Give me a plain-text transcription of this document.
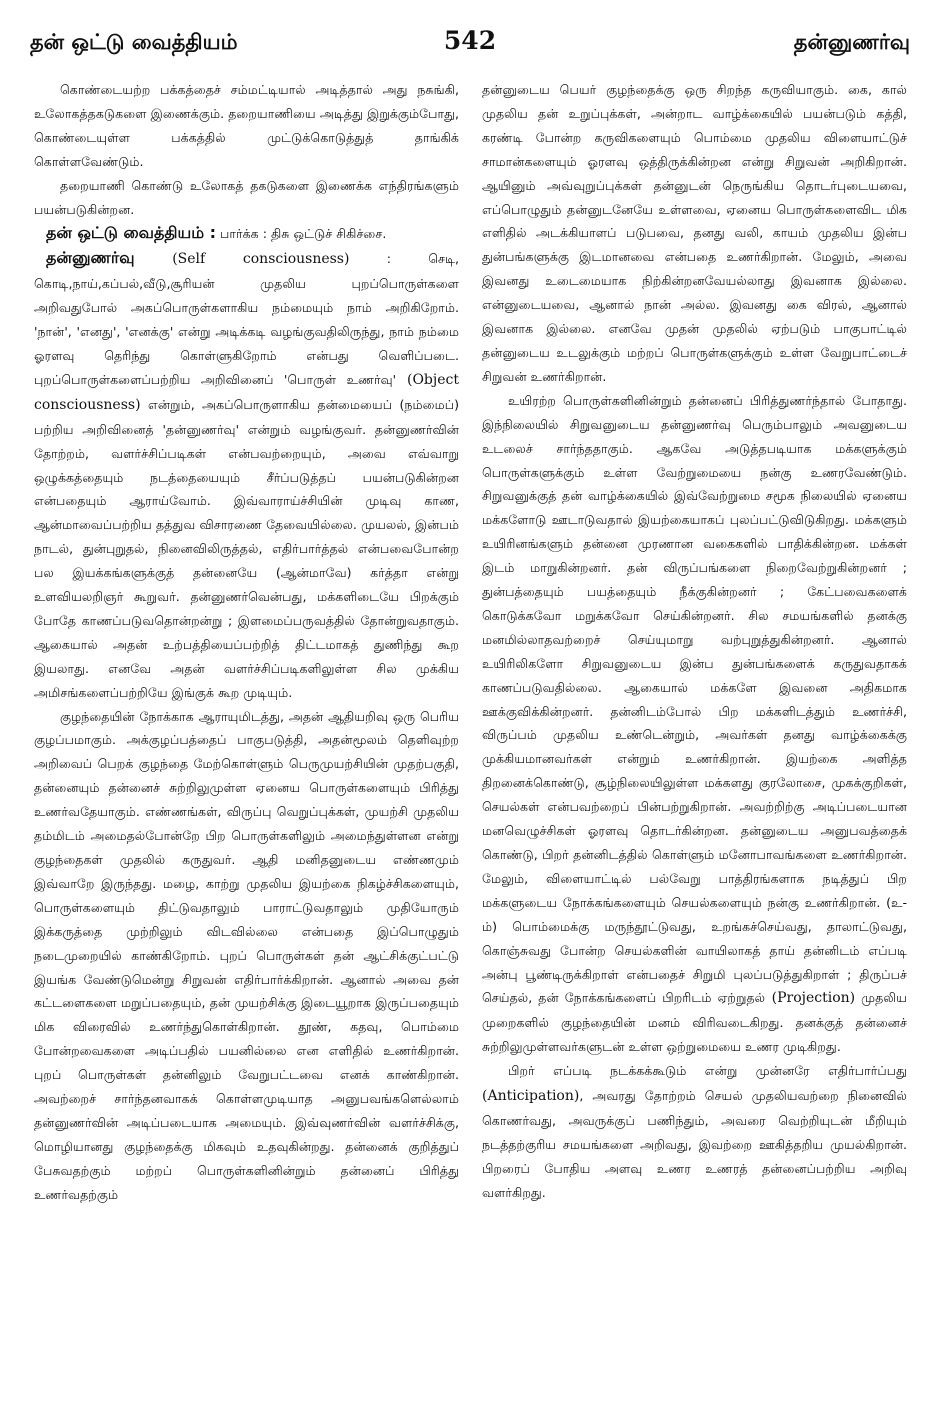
தன் ஒட்டு வைத்தியம்	542	தன்னுணர்வு

கொண்டையற்ற பக்கத்தைச் சம்மட்டியால் அடித்தால் அது நசுங்கி, உலோகத்தகடுகளை இணைக்கும். தறையாணியை அடித்து இறுக்கும்போது, கொண்டையுள்ள பக்கத்தில் முட்டுக்கொடுத்துத் தாங்கிக் கொள்ளவேண்டும்.

தறையாணி கொண்டு உலோகத் தகடுகளை இணைக்க எந்திரங்களும் பயன்படுகின்றன.

தன் ஒட்டு வைத்தியம் : பார்க்க : திசு ஒட்டுச் சிகிச்சை.

தன்னுணர்வு (Self consciousness) : செடி, கொடி,நாய்,கப்பல்,வீடு,சூரியன் முதலிய புறப்பொருள்களை அறிவதுபோல் அகப்பொருள்களாகிய நம்மையும் நாம் அறிகிறோம். 'நான்', 'எனது', 'எனக்கு' என்று அடிக்கடி வழங்குவதிலிருந்து, நாம் நம்மை ஓரளவு தெரிந்து கொள்ளுகிறோம் என்பது வெளிப்படை. புறப்பொருள்களைப்பற்றிய அறிவினைப் 'பொருள் உணர்வு' (Object consciousness) என்றும், அகப்பொருளாகிய தன்மையைப் (நம்மைப்) பற்றிய அறிவினைத் 'தன்னுணர்வு' என்றும் வழங்குவர். தன்னுணர்வின் தோற்றம், வளர்ச்சிப்படிகள் என்பவற்றையும், அவை எவ்வாறு ஒழுக்கத்தையும் நடத்தையையும் சீர்ப்படுத்தப் பயன்படுகின்றன என்பதையும் ஆராய்வோம். இவ்வாராய்ச்சியின் முடிவு காண, ஆன்மாவைப்பற்றிய தத்துவ விசாரணை தேவையில்லை. முயலல், இன்பம் நாடல், துன்புறுதல், நினைவிலிருத்தல், எதிர்பார்த்தல் என்பவைபோன்ற பல இயக்கங்களுக்குத் தன்னையே (ஆன்மாவே) கர்த்தா என்று உளவியலறிஞர் கூறுவர். தன்னுணர்வென்பது, மக்களிடையே பிறக்கும் போதே காணப்படுவதொன்றன்று ; இளமைப்பருவத்தில் தோன்றுவதாகும். ஆகையால் அதன் உற்பத்தியைப்பற்றித் திட்டமாகத் துணிந்து கூற இயலாது. எனவே அதன் வளர்ச்சிப்படிகளிலுள்ள சில முக்கிய அமிசங்களைப்பற்றியே இங்குக் கூற முடியும்.

குழந்தையின் நோக்காக ஆராயுமிடத்து, அதன் ஆதியறிவு ஒரு பெரிய குழப்பமாகும். அக்குழப்பத்தைப் பாகுபடுத்தி, அதன்மூலம் தெளிவுற்ற அறிவைப் பெறக் குழந்தை மேற்கொள்ளும் பெருமுயற்சியின் முதற்பகுதி, தன்னையும் தன்னைச் சுற்றிலுமுள்ள ஏனைய பொருள்களையும் பிரித்து உணர்வதேயாகும். எண்ணங்கள், விருப்பு வெறுப்புக்கள், முயற்சி முதலிய தம்மிடம் அமைதல்போன்றே பிற பொருள்களிலும் அமைந்துள்ளன என்று குழந்தைகள் முதலில் கருதுவர். ஆதி மனிதனுடைய எண்ணமும் இவ்வாறே இருந்தது. மழை, காற்று முதலிய இயற்கை நிகழ்ச்சிகளையும், பொருள்களையும் திட்டுவதாலும் பாராட்டுவதாலும் முதியோரும் இக்கருத்தை முற்றிலும் விடவில்லை என்பதை இப்பொழுதும் நடைமுறையில் காண்கிறோம். புறப் பொருள்கள் தன் ஆட்சிக்குட்பட்டு இயங்க வேண்டுமென்று சிறுவன் எதிர்பார்க்கிறான். ஆனால் அவை தன் கட்டளைகளை மறுப்பதையும், தன் முயற்சிக்கு இடையூறாக இருப்பதையும் மிக விரைவில் உணர்ந்துகொள்கிறான். தூண், கதவு, பொம்மை போன்றவைகளை அடிப்பதில் பயனில்லை என எளிதில் உணர்கிறான். புறப் பொருள்கள் தன்னிலும் வேறுபட்டவை எனக் காண்கிறான். அவற்றைச் சார்ந்தனவாகக் கொள்ளமுடியாத அனுபவங்களெல்லாம் தன்னுணர்வின் அடிப்படையாக அமையும். இவ்வுணர்வின் வளர்ச்சிக்கு, மொழியானது குழந்தைக்கு மிகவும் உதவுகின்றது. தன்னைக் குறித்துப் பேசுவதற்கும் மற்றப் பொருள்களினின்றும் தன்னைப் பிரித்து உணர்வதற்கும்

தன்னுடைய பெயர் குழந்தைக்கு ஒரு சிறந்த கருவியாகும். கை, கால் முதலிய தன் உறுப்புக்கள், அன்றாட வாழ்க்கையில் பயன்படும் கத்தி, கரண்டி போன்ற கருவிகளையும் பொம்மை முதலிய விளையாட்டுச் சாமான்களையும் ஓரளவு ஒத்திருக்கின்றன என்று சிறுவன் அறிகிறான். ஆயினும் அவ்வுறுப்புக்கள் தன்னுடன் நெருங்கிய தொடர்புடையவை, எப்பொழுதும் தன்னுடனேயே உள்ளவை, ஏனைய பொருள்களைவிட மிக எளிதில் அடக்கியாளப் படுபவை, தனது வலி, காயம் முதலிய இன்ப துன்பங்களுக்கு இடமானவை என்பதை உணர்கிறான். மேலும், அவை இவனது உடைமையாக நிற்கின்றனவேயல்லாது இவனாக இல்லை. என்னுடையவை, ஆனால் நான் அல்ல. இவனது கை விரல், ஆனால் இவனாக இல்லை. எனவே முதன் முதலில் ஏற்படும் பாகுபாட்டில் தன்னுடைய உடலுக்கும் மற்றப் பொருள்களுக்கும் உள்ள வேறுபாட்டைச் சிறுவன் உணர்கிறான்.

உயிரற்ற பொருள்களினின்றும் தன்னைப் பிரித்துணர்ந்தால் போதாது. இந்நிலையில் சிறுவனுடைய தன்னுணர்வு பெரும்பாலும் அவனுடைய உடலைச் சார்ந்ததாகும். ஆகவே அடுத்தபடியாக மக்களுக்கும் பொருள்களுக்கும் உள்ள வேற்றுமையை நன்கு உணரவேண்டும். சிறுவனுக்குத் தன் வாழ்க்கையில் இவ்வேற்றுமை சமூக நிலையில் ஏனைய மக்களோடு ஊடாடுவதால் இயற்கையாகப் புலப்பட்டுவிடுகிறது. மக்களும் உயிரினங்களும் தன்னை முரணான வகைகளில் பாதிக்கின்றன. மக்கள் இடம் மாறுகின்றனர். தன் விருப்பங்களை நிறைவேற்றுகின்றனர் ; துன்பத்தையும் பயத்தையும் நீக்குகின்றனர் ; கேட்பவைகளைக் கொடுக்கவோ மறுக்கவோ செய்கின்றனர். சில சமயங்களில் தனக்கு மனமில்லாதவற்றைச் செய்யுமாறு வற்புறுத்துகின்றனர். ஆனால் உயிரிலிகளோ சிறுவனுடைய இன்ப துன்பங்களைக் கருதுவதாகக் காணப்படுவதில்லை. ஆகையால் மக்களே இவனை அதிகமாக ஊக்குவிக்கின்றனர். தன்னிடம்போல் பிற மக்களிடத்தும் உணர்ச்சி, விருப்பம் முதலிய உண்டென்றும், அவர்கள் தனது வாழ்க்கைக்கு முக்கியமானவர்கள் என்றும் உணர்கிறான். இயற்கை அளித்த திறனைக்கொண்டு, சூழ்நிலையிலுள்ள மக்களது குரலோசை, முகக்குறிகள், செயல்கள் என்பவற்றைப் பின்பற்றுகிறான். அவற்றிற்கு அடிப்படையான மனவெழுச்சிகள் ஓரளவு தொடர்கின்றன. தன்னுடைய அனுபவத்தைக் கொண்டு, பிறர் தன்னிடத்தில் கொள்ளும் மனோபாவங்களை உணர்கிறான். மேலும், விளையாட்டில் பல்வேறு பாத்திரங்களாக நடித்துப் பிற மக்களுடைய நோக்கங்களையும் செயல்களையும் நன்கு உணர்கிறான். (உ-ம்) பொம்மைக்கு மருந்தூட்டுவது, உறங்கச்செய்வது, தாலாட்டுவது, கொஞ்சுவது போன்ற செயல்களின் வாயிலாகத் தாய் தன்னிடம் எப்படி அன்பு பூண்டிருக்கிறாள் என்பதைச் சிறுமி புலப்படுத்துகிறாள் ; திருப்பச் செய்தல், தன் நோக்கங்களைப் பிறரிடம் ஏற்றுதல் (Projection) முதலிய முறைகளில் குழந்தையின் மனம் விரிவடைகிறது. தனக்குத் தன்னைச் சுற்றிலுமுள்ளவர்களுடன் உள்ள ஒற்றுமையை உணர முடிகிறது.

பிறர் எப்படி நடக்கக்கூடும் என்று முன்னரே எதிர்பார்ப்பது (Anticipation), அவரது தோற்றம் செயல் முதலியவற்றை நினைவில் கொணர்வது, அவருக்குப் பணிந்தும், அவரை வெற்றியுடன் மீறியும் நடத்தற்குரிய சமயங்களை அறிவது, இவற்றை ஊகித்தறிய முயல்கிறான். பிறரைப் போதிய அளவு உணர உணரத் தன்னைப்பற்றிய அறிவு வளர்கிறது.
